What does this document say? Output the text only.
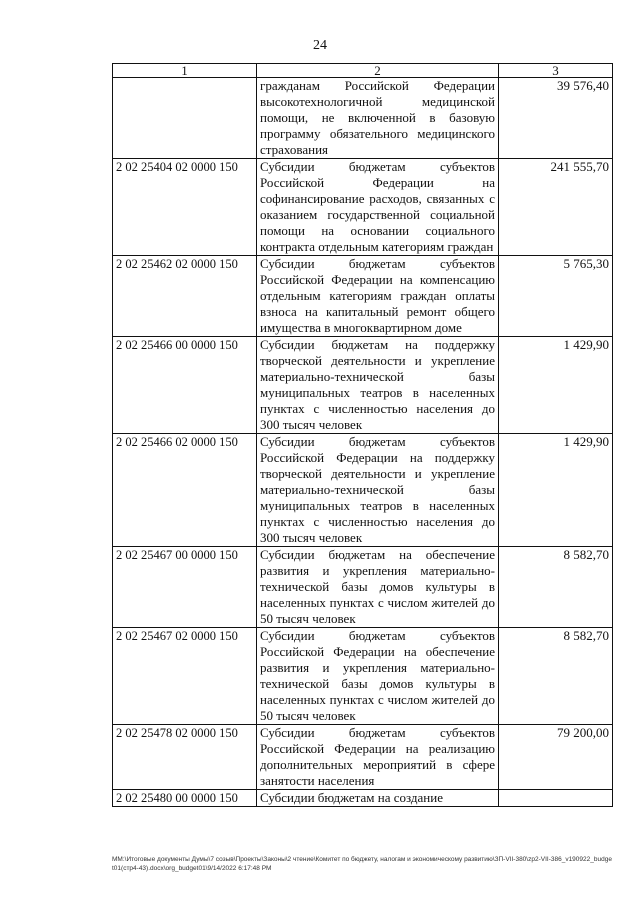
24
1	2	3
	гражданам Российской Федерации высокотехнологичной медицинской помощи, не включенной в базовую программу обязательного медицинского страхования	39 576,40
2 02 25404 02 0000 150	Субсидии бюджетам субъектов Российской Федерации на софинансирование расходов, связанных с оказанием государственной социальной помощи на основании социального контракта отдельным категориям граждан	241 555,70
2 02 25462 02 0000 150	Субсидии бюджетам субъектов Российской Федерации на компенсацию отдельным категориям граждан оплаты взноса на капитальный ремонт общего имущества в многоквартирном доме	5 765,30
2 02 25466 00 0000 150	Субсидии бюджетам на поддержку творческой деятельности и укрепление материально-технической базы муниципальных театров в населенных пунктах с численностью населения до 300 тысяч человек	1 429,90
2 02 25466 02 0000 150	Субсидии бюджетам субъектов Российской Федерации на поддержку творческой деятельности и укрепление материально-технической базы муниципальных театров в населенных пунктах с численностью населения до 300 тысяч человек	1 429,90
2 02 25467 00 0000 150	Субсидии бюджетам на обеспечение развития и укрепления материально-технической базы домов культуры в населенных пунктах с числом жителей до 50 тысяч человек	8 582,70
2 02 25467 02 0000 150	Субсидии бюджетам субъектов Российской Федерации на обеспечение развития и укрепления материально-технической базы домов культуры в населенных пунктах с числом жителей до 50 тысяч человек	8 582,70
2 02 25478 02 0000 150	Субсидии бюджетам субъектов Российской Федерации на реализацию дополнительных мероприятий в сфере занятости населения	79 200,00
2 02 25480 00 0000 150	Субсидии бюджетам на создание	
ММ:\Итоговые документы Думы\7 созыв\Проекты\Законы\2 чтение\Комитет по бюджету, налогам и экономическому развитию\ЗП-VII-380\zp2-VII-386_v190922_budget01(стр4-43).docx\org_budget01\9/14/2022 6:17:48 PM
